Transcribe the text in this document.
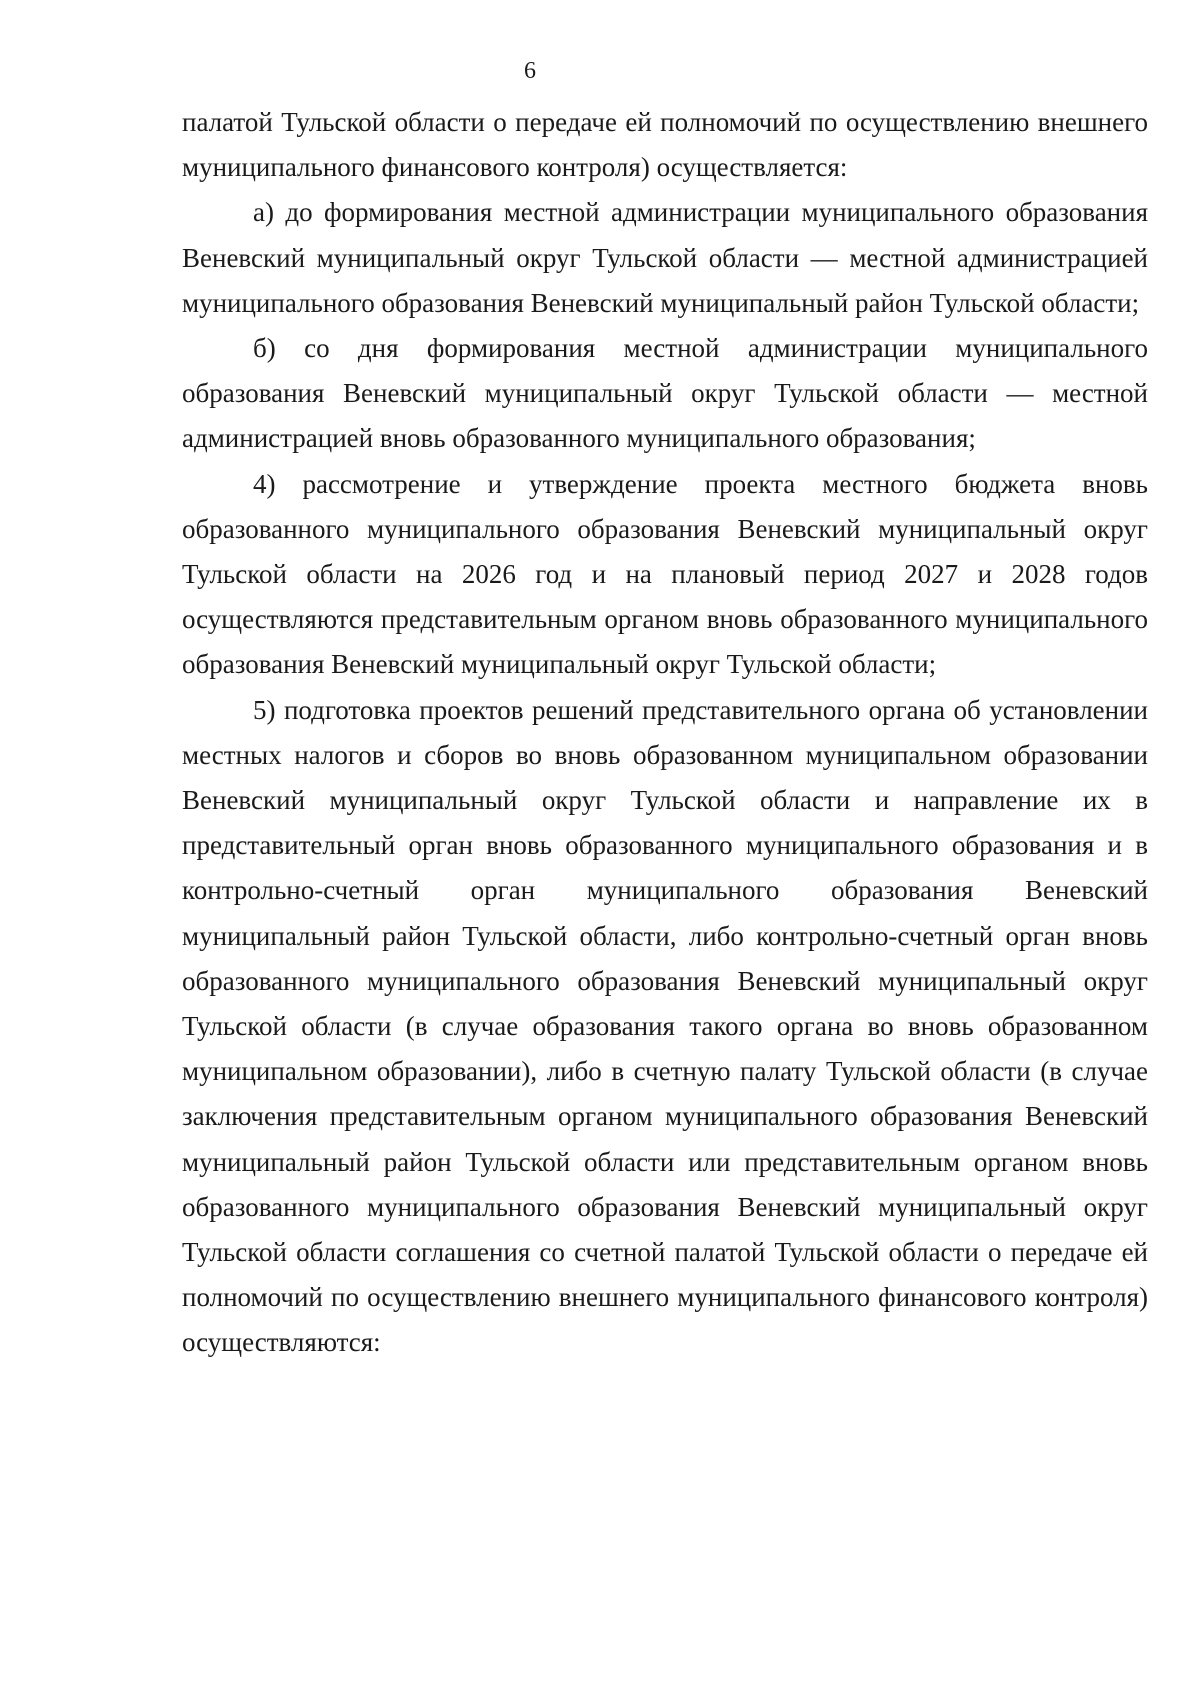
6

палатой Тульской области о передаче ей полномочий по осуществлению внешнего муниципального финансового контроля) осуществляется:

а) до формирования местной администрации муниципального образования Веневский муниципальный округ Тульской области — местной администрацией муниципального образования Веневский муниципальный район Тульской области;

б) со дня формирования местной администрации муниципального образования Веневский муниципальный округ Тульской области — местной администрацией вновь образованного муниципального образования;

4) рассмотрение и утверждение проекта местного бюджета вновь образованного муниципального образования Веневский муниципальный округ Тульской области на 2026 год и на плановый период 2027 и 2028 годов осуществляются представительным органом вновь образованного муниципального образования Веневский муниципальный округ Тульской области;

5) подготовка проектов решений представительного органа об установлении местных налогов и сборов во вновь образованном муниципальном образовании Веневский муниципальный округ Тульской области и направление их в представительный орган вновь образованного муниципального образования и в контрольно-счетный орган муниципального образования Веневский муниципальный район Тульской области, либо контрольно-счетный орган вновь образованного муниципального образования Веневский муниципальный округ Тульской области (в случае образования такого органа во вновь образованном муниципальном образовании), либо в счетную палату Тульской области (в случае заключения представительным органом муниципального образования Веневский муниципальный район Тульской области или представительным органом вновь образованного муниципального образования Веневский муниципальный округ Тульской области соглашения со счетной палатой Тульской области о передаче ей полномочий по осуществлению внешнего муниципального финансового контроля) осуществляются:
